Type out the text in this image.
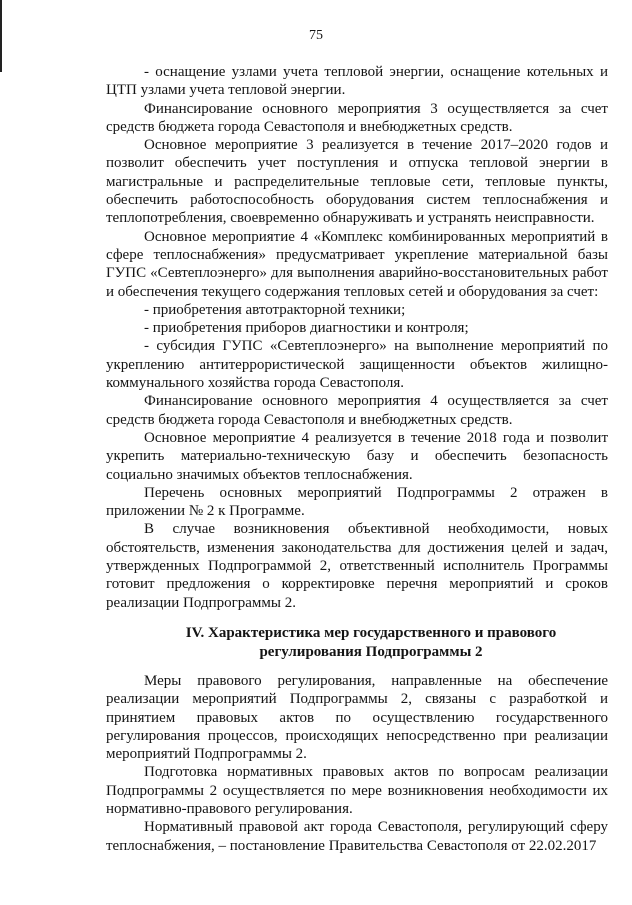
75

- оснащение узлами учета тепловой энергии, оснащение котельных и ЦТП узлами учета тепловой энергии.

Финансирование основного мероприятия 3 осуществляется за счет средств бюджета города Севастополя и внебюджетных средств.

Основное мероприятие 3 реализуется в течение 2017–2020 годов и позволит обеспечить учет поступления и отпуска тепловой энергии в магистральные и распределительные тепловые сети, тепловые пункты, обеспечить работоспособность оборудования систем теплоснабжения и теплопотребления, своевременно обнаруживать и устранять неисправности.

Основное мероприятие 4 «Комплекс комбинированных мероприятий в сфере теплоснабжения» предусматривает укрепление материальной базы ГУПС «Севтеплоэнерго» для выполнения аварийно-восстановительных работ и обеспечения текущего содержания тепловых сетей и оборудования за счет:

- приобретения автотракторной техники;

- приобретения приборов диагностики и контроля;

- субсидия ГУПС «Севтеплоэнерго» на выполнение мероприятий по укреплению антитеррористической защищенности объектов жилищно-коммунального хозяйства города Севастополя.

Финансирование основного мероприятия 4 осуществляется за счет средств бюджета города Севастополя и внебюджетных средств.

Основное мероприятие 4 реализуется в течение 2018 года и позволит укрепить материально-техническую базу и обеспечить безопасность социально значимых объектов теплоснабжения.

Перечень основных мероприятий Подпрограммы 2 отражен в приложении № 2 к Программе.

В случае возникновения объективной необходимости, новых обстоятельств, изменения законодательства для достижения целей и задач, утвержденных Подпрограммой 2, ответственный исполнитель Программы готовит предложения о корректировке перечня мероприятий и сроков реализации Подпрограммы 2.

IV. Характеристика мер государственного и правового

регулирования Подпрограммы 2

Меры правового регулирования, направленные на обеспечение реализации мероприятий Подпрограммы 2, связаны с разработкой и принятием правовых актов по осуществлению государственного регулирования процессов, происходящих непосредственно при реализации мероприятий Подпрограммы 2.

Подготовка нормативных правовых актов по вопросам реализации Подпрограммы 2 осуществляется по мере возникновения необходимости их нормативно-правового регулирования.

Нормативный правовой акт города Севастополя, регулирующий сферу теплоснабжения, – постановление Правительства Севастополя от 22.02.2017
